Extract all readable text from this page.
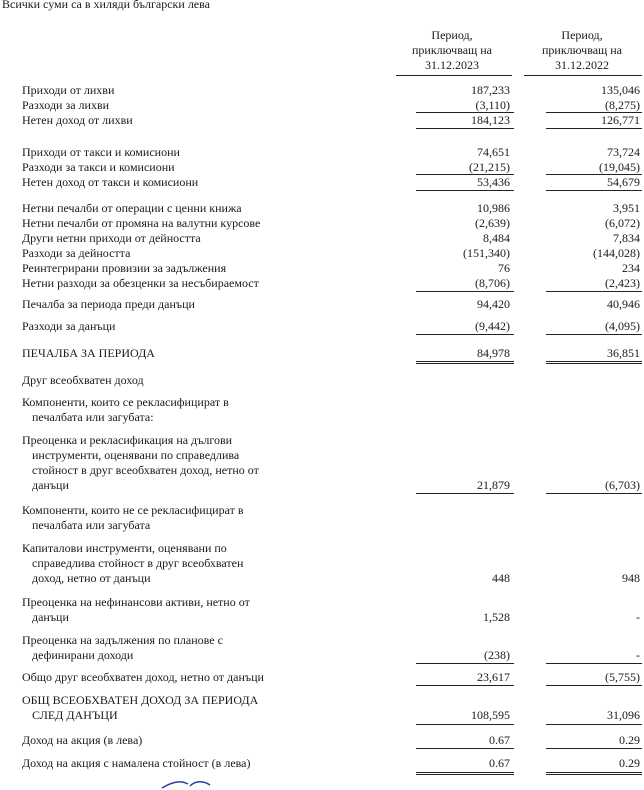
Всички суми са в хиляди български лева
Период,
приключващ на
31.12.2023
Период,
приключващ на
31.12.2022
Приходи от лихви	187,233	135,046
Разходи за лихви	(3,110)	(8,275)
Нетен доход от лихви	184,123	126,771
Приходи от такси и комисиони	74,651	73,724
Разходи за такси и комисиони	(21,215)	(19,045)
Нетен доход от такси и комисиони	53,436	54,679
Нетни печалби от операции с ценни книжа	10,986	3,951
Нетни печалби от промяна на валутни курсове	(2,639)	(6,072)
Други нетни приходи от дейността	8,484	7,834
Разходи за дейността	(151,340)	(144,028)
Реинтегрирани провизии за задължения	76	234
Нетни разходи за обезценки за несъбираемост	(8,706)	(2,423)
Печалба за периода преди данъци	94,420	40,946
Разходи за данъци	(9,442)	(4,095)
ПЕЧАЛБА ЗА ПЕРИОДА	84,978	36,851
Друг всеобхватен доход
Компоненти, които се рекласифицират в
печалбата или загубата:
Преоценка и рекласификация на дългови
инструменти, оценявани по справедлива
стойност в друг всеобхватен доход, нетно от
данъци	21,879	(6,703)
Компоненти, които не се рекласифицират в
печалбата или загубата
Капиталови инструменти, оценявани по
справедлива стойност в друг всеобхватен
доход, нетно от данъци	448	948
Преоценка на нефинансови активи, нетно от
данъци	1,528	-
Преоценка на задължения по планове с
дефинирани доходи	(238)	-
Общо друг всеобхватен доход, нетно от данъци	23,617	(5,755)
ОБЩ ВСЕОБХВАТЕН ДОХОД ЗА ПЕРИОДА
СЛЕД ДАНЪЦИ	108,595	31,096
Доход на акция (в лева)	0.67	0.29
Доход на акция с намалена стойност (в лева)	0.67	0.29
